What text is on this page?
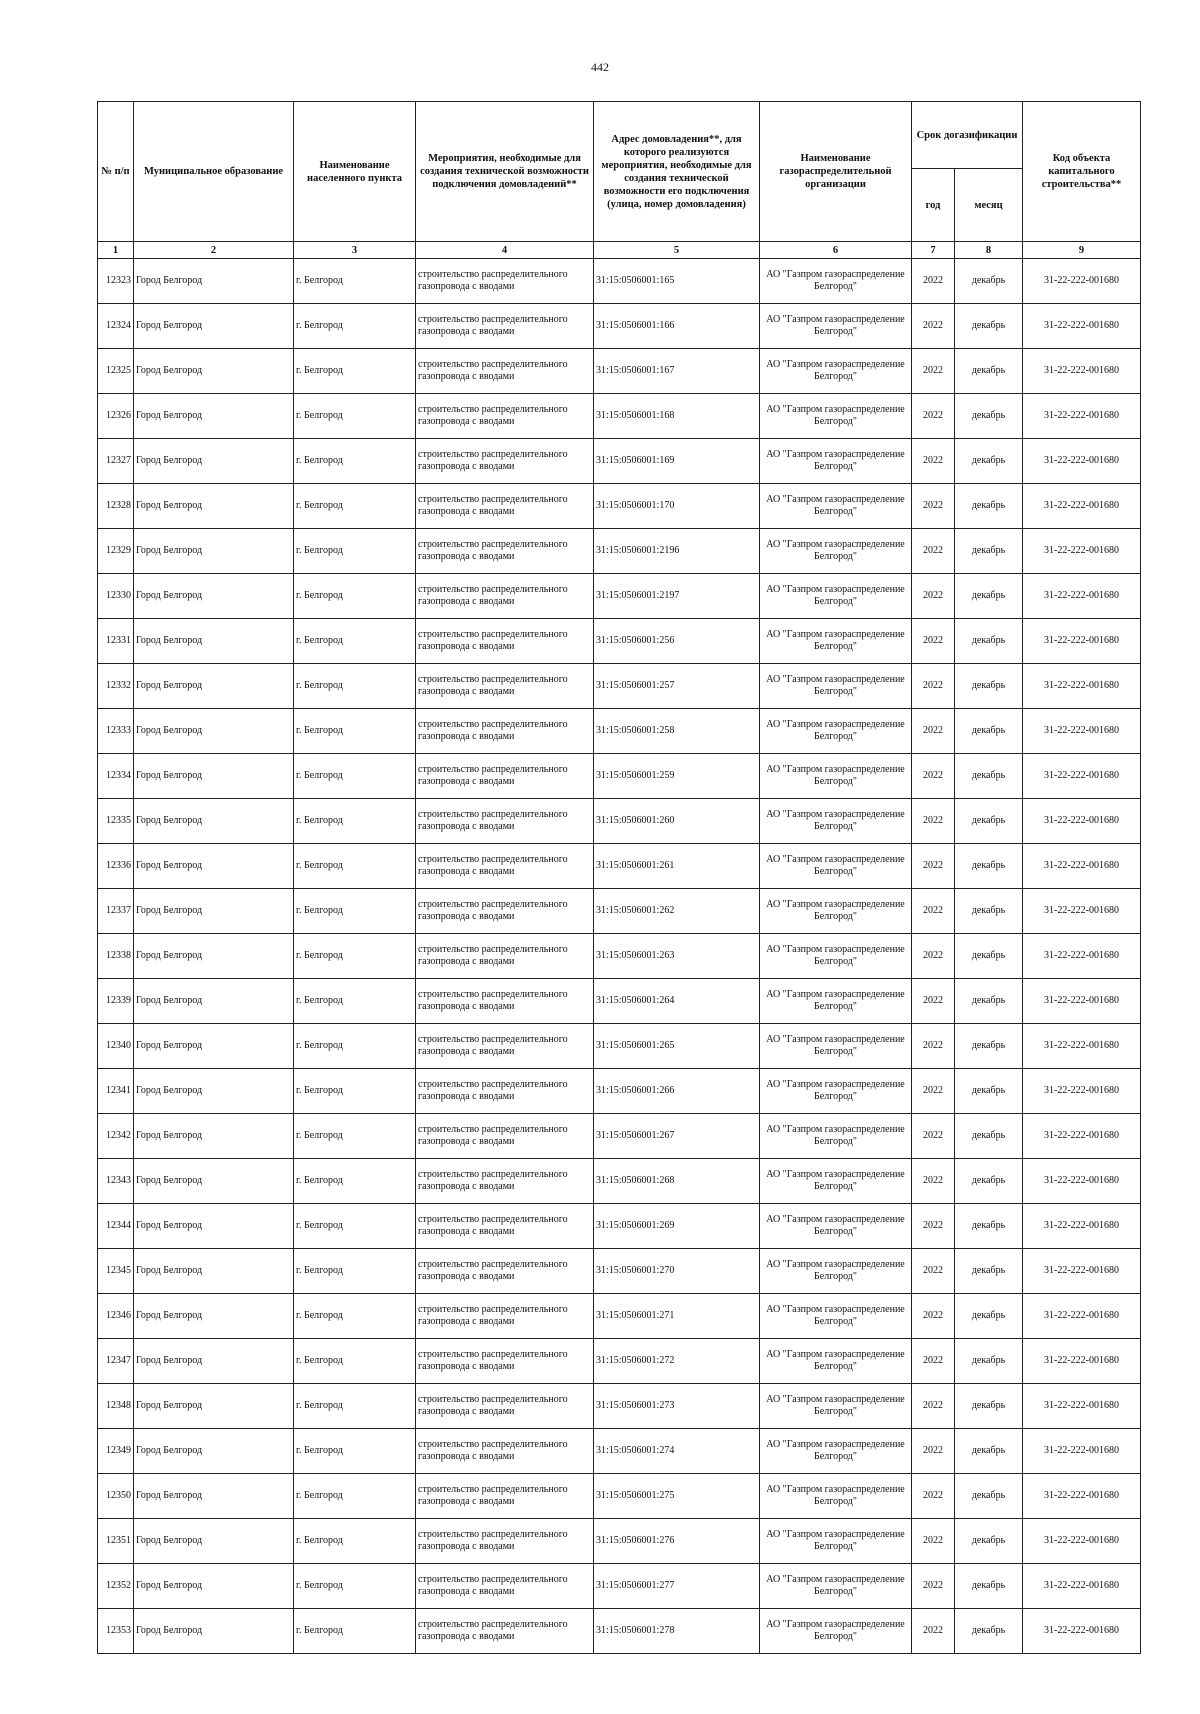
442
№ п/п	Муниципальное образование	Наименование населенного пункта	Мероприятия, необходимые для создания технической возможности подключения домовладений**	Адрес домовладения**, для которого реализуются мероприятия, необходимые для создания технической возможности его подключения (улица, номер домовладения)	Наименование газораспределительной организации	Срок догазификации		Код объекта капитального строительства**
						год	месяц	
1	2	3	4	5	6	7	8	9
12323	Город Белгород	г. Белгород	строительство распределительного газопровода с вводами	31:15:0506001:165	АО "Газпром газораспределение Белгород"	2022	декабрь	31-22-222-001680
12324	Город Белгород	г. Белгород	строительство распределительного газопровода с вводами	31:15:0506001:166	АО "Газпром газораспределение Белгород"	2022	декабрь	31-22-222-001680
12325	Город Белгород	г. Белгород	строительство распределительного газопровода с вводами	31:15:0506001:167	АО "Газпром газораспределение Белгород"	2022	декабрь	31-22-222-001680
12326	Город Белгород	г. Белгород	строительство распределительного газопровода с вводами	31:15:0506001:168	АО "Газпром газораспределение Белгород"	2022	декабрь	31-22-222-001680
12327	Город Белгород	г. Белгород	строительство распределительного газопровода с вводами	31:15:0506001:169	АО "Газпром газораспределение Белгород"	2022	декабрь	31-22-222-001680
12328	Город Белгород	г. Белгород	строительство распределительного газопровода с вводами	31:15:0506001:170	АО "Газпром газораспределение Белгород"	2022	декабрь	31-22-222-001680
12329	Город Белгород	г. Белгород	строительство распределительного газопровода с вводами	31:15:0506001:2196	АО "Газпром газораспределение Белгород"	2022	декабрь	31-22-222-001680
12330	Город Белгород	г. Белгород	строительство распределительного газопровода с вводами	31:15:0506001:2197	АО "Газпром газораспределение Белгород"	2022	декабрь	31-22-222-001680
12331	Город Белгород	г. Белгород	строительство распределительного газопровода с вводами	31:15:0506001:256	АО "Газпром газораспределение Белгород"	2022	декабрь	31-22-222-001680
12332	Город Белгород	г. Белгород	строительство распределительного газопровода с вводами	31:15:0506001:257	АО "Газпром газораспределение Белгород"	2022	декабрь	31-22-222-001680
12333	Город Белгород	г. Белгород	строительство распределительного газопровода с вводами	31:15:0506001:258	АО "Газпром газораспределение Белгород"	2022	декабрь	31-22-222-001680
12334	Город Белгород	г. Белгород	строительство распределительного газопровода с вводами	31:15:0506001:259	АО "Газпром газораспределение Белгород"	2022	декабрь	31-22-222-001680
12335	Город Белгород	г. Белгород	строительство распределительного газопровода с вводами	31:15:0506001:260	АО "Газпром газораспределение Белгород"	2022	декабрь	31-22-222-001680
12336	Город Белгород	г. Белгород	строительство распределительного газопровода с вводами	31:15:0506001:261	АО "Газпром газораспределение Белгород"	2022	декабрь	31-22-222-001680
12337	Город Белгород	г. Белгород	строительство распределительного газопровода с вводами	31:15:0506001:262	АО "Газпром газораспределение Белгород"	2022	декабрь	31-22-222-001680
12338	Город Белгород	г. Белгород	строительство распределительного газопровода с вводами	31:15:0506001:263	АО "Газпром газораспределение Белгород"	2022	декабрь	31-22-222-001680
12339	Город Белгород	г. Белгород	строительство распределительного газопровода с вводами	31:15:0506001:264	АО "Газпром газораспределение Белгород"	2022	декабрь	31-22-222-001680
12340	Город Белгород	г. Белгород	строительство распределительного газопровода с вводами	31:15:0506001:265	АО "Газпром газораспределение Белгород"	2022	декабрь	31-22-222-001680
12341	Город Белгород	г. Белгород	строительство распределительного газопровода с вводами	31:15:0506001:266	АО "Газпром газораспределение Белгород"	2022	декабрь	31-22-222-001680
12342	Город Белгород	г. Белгород	строительство распределительного газопровода с вводами	31:15:0506001:267	АО "Газпром газораспределение Белгород"	2022	декабрь	31-22-222-001680
12343	Город Белгород	г. Белгород	строительство распределительного газопровода с вводами	31:15:0506001:268	АО "Газпром газораспределение Белгород"	2022	декабрь	31-22-222-001680
12344	Город Белгород	г. Белгород	строительство распределительного газопровода с вводами	31:15:0506001:269	АО "Газпром газораспределение Белгород"	2022	декабрь	31-22-222-001680
12345	Город Белгород	г. Белгород	строительство распределительного газопровода с вводами	31:15:0506001:270	АО "Газпром газораспределение Белгород"	2022	декабрь	31-22-222-001680
12346	Город Белгород	г. Белгород	строительство распределительного газопровода с вводами	31:15:0506001:271	АО "Газпром газораспределение Белгород"	2022	декабрь	31-22-222-001680
12347	Город Белгород	г. Белгород	строительство распределительного газопровода с вводами	31:15:0506001:272	АО "Газпром газораспределение Белгород"	2022	декабрь	31-22-222-001680
12348	Город Белгород	г. Белгород	строительство распределительного газопровода с вводами	31:15:0506001:273	АО "Газпром газораспределение Белгород"	2022	декабрь	31-22-222-001680
12349	Город Белгород	г. Белгород	строительство распределительного газопровода с вводами	31:15:0506001:274	АО "Газпром газораспределение Белгород"	2022	декабрь	31-22-222-001680
12350	Город Белгород	г. Белгород	строительство распределительного газопровода с вводами	31:15:0506001:275	АО "Газпром газораспределение Белгород"	2022	декабрь	31-22-222-001680
12351	Город Белгород	г. Белгород	строительство распределительного газопровода с вводами	31:15:0506001:276	АО "Газпром газораспределение Белгород"	2022	декабрь	31-22-222-001680
12352	Город Белгород	г. Белгород	строительство распределительного газопровода с вводами	31:15:0506001:277	АО "Газпром газораспределение Белгород"	2022	декабрь	31-22-222-001680
12353	Город Белгород	г. Белгород	строительство распределительного газопровода с вводами	31:15:0506001:278	АО "Газпром газораспределение Белгород"	2022	декабрь	31-22-222-001680
